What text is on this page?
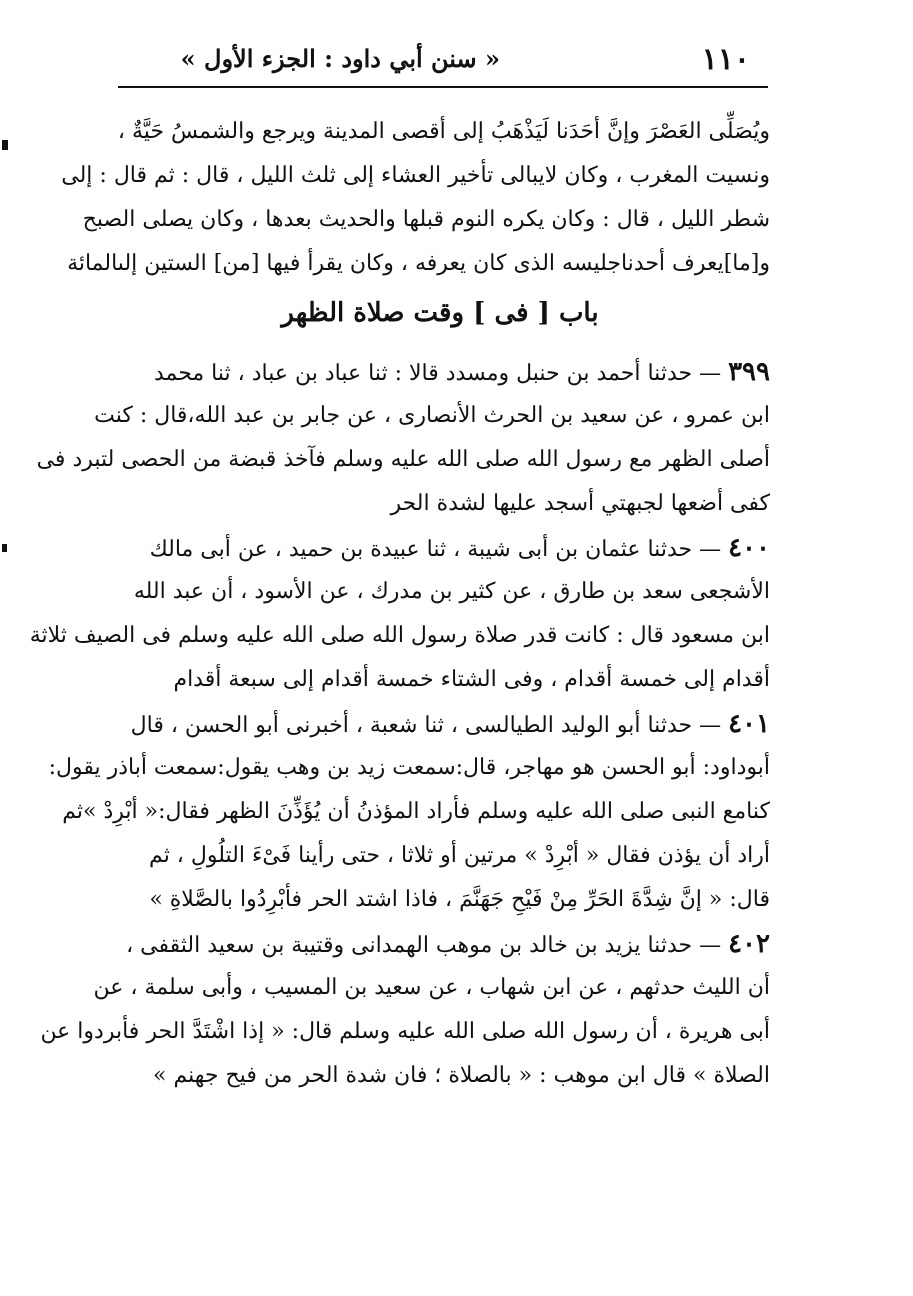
١١٠
« سنن أبي داود : الجزء الأول »
ويُصَلِّى العَصْرَ وإنَّ أحَدَنا لَيَذْهَبُ إلى أقصى المدينة ويرجع والشمسُ حَيَّةٌ ،
ونسيت المغرب ، وكان لايبالى تأخير العشاء إلى ثلث الليل ، قال : ثم قال : إلى
شطر الليل ، قال : وكان يكره النوم قبلها والحديث بعدها ، وكان يصلى الصبح
و[ما]يعرف أحدناجليسه الذى كان يعرفه ، وكان يقرأ فيها [من] الستين إلىالمائة
باب [ فى ] وقت صلاة الظهر
٣٩٩ — حدثنا أحمد بن حنبل ومسدد قالا : ثنا عباد بن عباد ، ثنا محمد
ابن عمرو ، عن سعيد بن الحرث الأنصارى ، عن جابر بن عبد الله،قال : كنت
أصلى الظهر مع رسول الله صلى الله عليه وسلم فآخذ قبضة من الحصى لتبرد فى
كفى أضعها لجبهتي أسجد عليها لشدة الحر
٤٠٠ — حدثنا عثمان بن أبى شيبة ، ثنا عبيدة بن حميد ، عن أبى مالك
الأشجعى سعد بن طارق ، عن كثير بن مدرك ، عن الأسود ، أن عبد الله
ابن مسعود قال : كانت قدر صلاة رسول الله صلى الله عليه وسلم فى الصيف ثلاثة
أقدام إلى خمسة أقدام ، وفى الشتاء خمسة أقدام إلى سبعة أقدام
٤٠١ — حدثنا أبو الوليد الطيالسى ، ثنا شعبة ، أخبرنى أبو الحسن ، قال
أبوداود: أبو الحسن هو مهاجر، قال:سمعت زيد بن وهب يقول:سمعت أباذر يقول:
كنامع النبى صلى الله عليه وسلم فأراد المؤذنُ أن يُؤَذِّنَ الظهر فقال:« أبْرِدْ »ثم
أراد أن يؤذن فقال « أبْرِدْ » مرتين أو ثلاثا ، حتى رأينا فَىْءَ التلُولِ ، ثم
قال: « إنَّ شِدَّةَ الحَرِّ مِنْ فَيْحِ جَهَنَّمَ ، فاذا اشتد الحر فأبْرِدُوا بالصَّلاةِ »
٤٠٢ — حدثنا يزيد بن خالد بن موهب الهمدانى وقتيبة بن سعيد الثقفى ،
أن الليث حدثهم ، عن ابن شهاب ، عن سعيد بن المسيب ، وأبى سلمة ، عن
أبى هريرة ، أن رسول الله صلى الله عليه وسلم قال: « إذا اشْتَدَّ الحر فأبردوا عن
الصلاة » قال ابن موهب : « بالصلاة ؛ فان شدة الحر من فيح جهنم »
